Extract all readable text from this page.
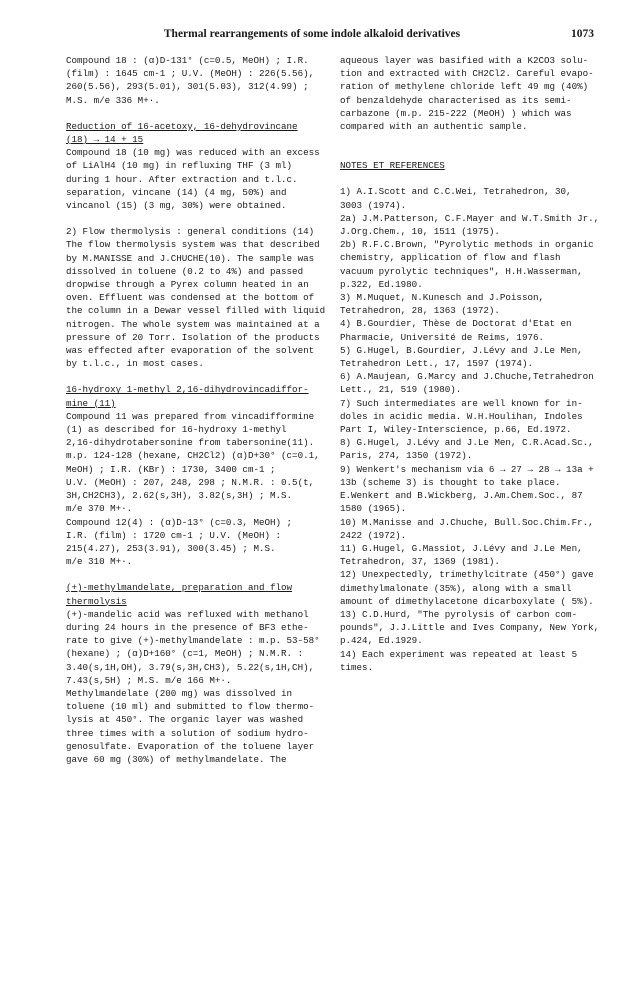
Thermal rearrangements of some indole alkaloid derivatives	1073

Compound 18 : (α)D-131° (c=0.5, MeOH) ; I.R.

(film) : 1645 cm-1 ; U.V. (MeOH) : 226(5.56),

260(5.56), 293(5.01), 301(5.03), 312(4.99) ;

M.S. m/e 336 M+·.

Reduction of 16-acetoxy, 16-dehydrovincane

(18) → 14 + 15

Compound 18 (10 mg) was reduced with an excess

of LiAlH4 (10 mg) in refluxing THF (3 ml)

during 1 hour. After extraction and t.l.c.

separation, vincane (14) (4 mg, 50%) and

vincanol (15) (3 mg, 30%) were obtained.

2) Flow thermolysis : general conditions (14)

The flow thermolysis system was that described

by M.MANISSE and J.CHUCHE(10). The sample was

dissolved in toluene (0.2 to 4%) and passed

dropwise through a Pyrex column heated in an

oven. Effluent was condensed at the bottom of

the column in a Dewar vessel filled with liquid

nitrogen. The whole system was maintained at a

pressure of 20 Torr. Isolation of the products

was effected after evaporation of the solvent

by t.l.c., in most cases.

16-hydroxy 1-methyl 2,16-dihydrovincadiffor-

mine (11)

Compound 11 was prepared from vincadifformine

(1) as described for 16-hydroxy 1-methyl

2,16-dihydrotabersonine from tabersonine(11).

m.p. 124-128 (hexane, CH2Cl2) (α)D+30° (c=0.1,

MeOH) ; I.R. (KBr) : 1730, 3400 cm-1 ;

U.V. (MeOH) : 207, 248, 298 ; N.M.R. : 0.5(t,

3H,CH2CH3), 2.62(s,3H), 3.82(s,3H) ; M.S.

m/e 370 M+·.

Compound 12(4) : (α)D-13° (c=0.3, MeOH) ;

I.R. (film) : 1720 cm-1 ; U.V. (MeOH) :

215(4.27), 253(3.91), 300(3.45) ; M.S.

m/e 310 M+·.

(+)-methylmandelate, preparation and flow

thermolysis

(+)-mandelic acid was refluxed with methanol

during 24 hours in the presence of BF3 ethe-

rate to give (+)-methylmandelate : m.p. 53-58°

(hexane) ; (α)D+160° (c=1, MeOH) ; N.M.R. :

3.40(s,1H,OH), 3.79(s,3H,CH3), 5.22(s,1H,CH),

7.43(s,5H) ; M.S. m/e 166 M+·.

Methylmandelate (200 mg) was dissolved in

toluene (10 ml) and submitted to flow thermo-

lysis at 450°. The organic layer was washed

three times with a solution of sodium hydro-

genosulfate. Evaporation of the toluene layer

gave 60 mg (30%) of methylmandelate. The

aqueous layer was basified with a K2CO3 solu-

tion and extracted with CH2Cl2. Careful evapo-

ration of methylene chloride left 49 mg (40%)

of benzaldehyde characterised as its semi-

carbazone (m.p. 215-222 (MeOH) ) which was

compared with an authentic sample.

NOTES ET REFERENCES

1) A.I.Scott and C.C.Wei, Tetrahedron, 30,

3003 (1974).

2a) J.M.Patterson, C.F.Mayer and W.T.Smith Jr.,

J.Org.Chem., 10, 1511 (1975).

2b) R.F.C.Brown, "Pyrolytic methods in organic

chemistry, application of flow and flash

vacuum pyrolytic techniques", H.H.Wasserman,

p.322, Ed.1980.

3) M.Muquet, N.Kunesch and J.Poisson,

Tetrahedron, 28, 1363 (1972).

4) B.Gourdier, Thèse de Doctorat d'Etat en

Pharmacie, Université de Reims, 1976.

5) G.Hugel, B.Gourdier, J.Lévy and J.Le Men,

Tetrahedron Lett., 17, 1597 (1974).

6) A.Maujean, G.Marcy and J.Chuche,Tetrahedron

Lett., 21, 519 (1980).

7) Such intermediates are well known for in-

doles in acidic media. W.H.Houlihan, Indoles

Part I, Wiley-Interscience, p.66, Ed.1972.

8) G.Hugel, J.Lévy and J.Le Men, C.R.Acad.Sc.,

Paris, 274, 1350 (1972).

9) Wenkert's mechanism via 6 → 27 → 28 → 13a +

13b (scheme 3) is thought to take place.

E.Wenkert and B.Wickberg, J.Am.Chem.Soc., 87

1580 (1965).

10) M.Manisse and J.Chuche, Bull.Soc.Chim.Fr.,

2422 (1972).

11) G.Hugel, G.Massiot, J.Lévy and J.Le Men,

Tetrahedron, 37, 1369 (1981).

12) Unexpectedly, trimethylcitrate (450°) gave

dimethylmalonate (35%), along with a small

amount of dimethylacetone dicarboxylate ( 5%).

13) C.D.Hurd, "The pyrolysis of carbon com-

pounds", J.J.Little and Ives Company, New York,

p.424, Ed.1929.

14) Each experiment was repeated at least 5

times.
